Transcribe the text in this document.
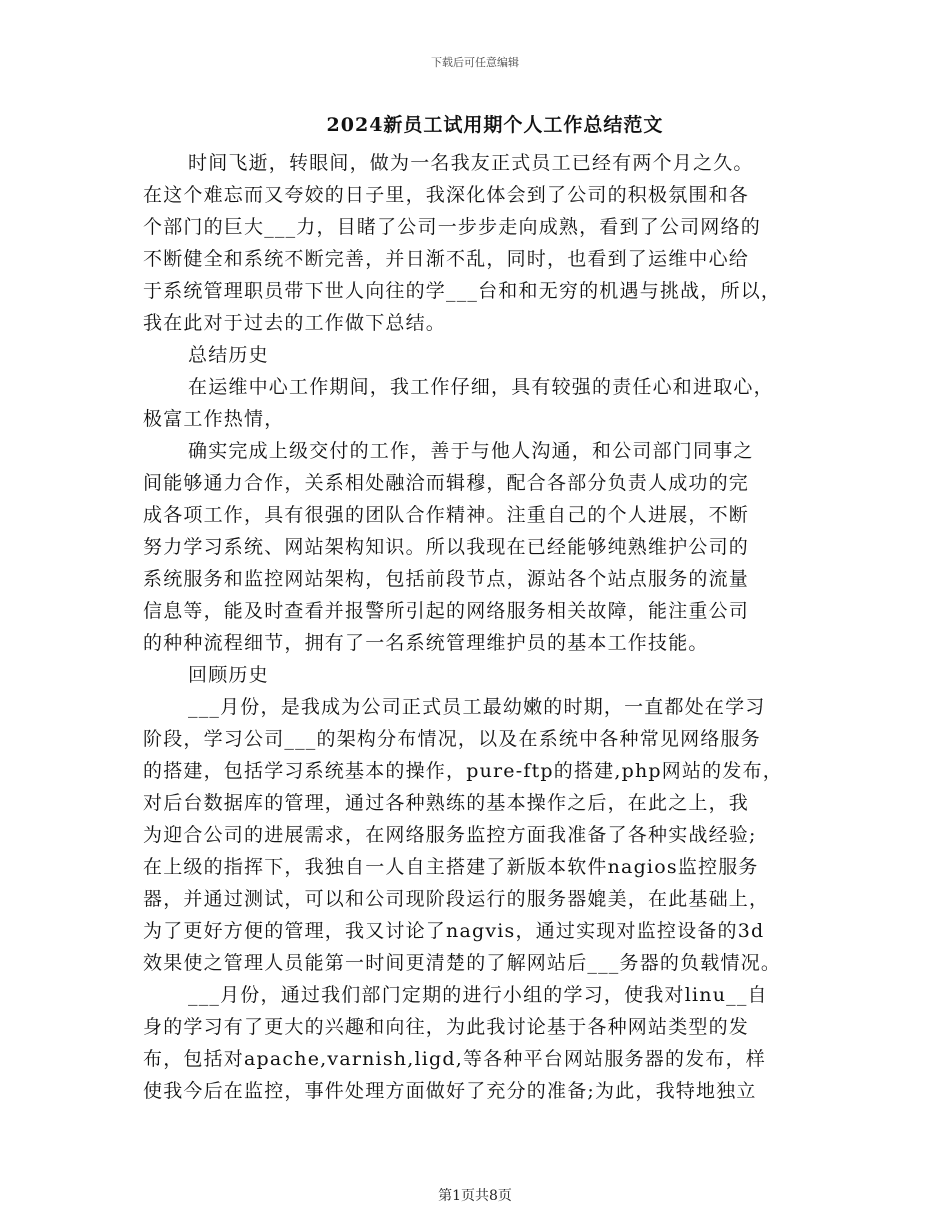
下载后可任意编辑
2024新员工试用期个人工作总结范文
时间飞逝，转眼间，做为一名我友正式员工已经有两个月之久。
在这个难忘而又夸姣的日子里，我深化体会到了公司的积极氛围和各
个部门的巨大___力，目睹了公司一步步走向成熟，看到了公司网络的
不断健全和系统不断完善，并日渐不乱，同时，也看到了运维中心给
于系统管理职员带下世人向往的学___台和和无穷的机遇与挑战，所以，
我在此对于过去的工作做下总结。
总结历史
在运维中心工作期间，我工作仔细，具有较强的责任心和进取心，
极富工作热情，
确实完成上级交付的工作，善于与他人沟通，和公司部门同事之
间能够通力合作，关系相处融洽而辑穆，配合各部分负责人成功的完
成各项工作，具有很强的团队合作精神。注重自己的个人进展，不断
努力学习系统、网站架构知识。所以我现在已经能够纯熟维护公司的
系统服务和监控网站架构，包括前段节点，源站各个站点服务的流量
信息等，能及时查看并报警所引起的网络服务相关故障，能注重公司
的种种流程细节，拥有了一名系统管理维护员的基本工作技能。
回顾历史
___月份，是我成为公司正式员工最幼嫩的时期，一直都处在学习
阶段，学习公司___的架构分布情况，以及在系统中各种常见网络服务
的搭建，包括学习系统基本的操作，pure-ftp的搭建,php网站的发布，
对后台数据库的管理，通过各种熟练的基本操作之后，在此之上，我
为迎合公司的进展需求，在网络服务监控方面我准备了各种实战经验;
在上级的指挥下，我独自一人自主搭建了新版本软件nagios监控服务
器，并通过测试，可以和公司现阶段运行的服务器媲美，在此基础上，
为了更好方便的管理，我又讨论了nagvis，通过实现对监控设备的3d
效果使之管理人员能第一时间更清楚的了解网站后___务器的负载情况。
___月份，通过我们部门定期的进行小组的学习，使我对linu__自
身的学习有了更大的兴趣和向往，为此我讨论基于各种网站类型的发
布，包括对apache,varnish,ligd,等各种平台网站服务器的发布，样
使我今后在监控，事件处理方面做好了充分的准备;为此，我特地独立
第1页共8页
